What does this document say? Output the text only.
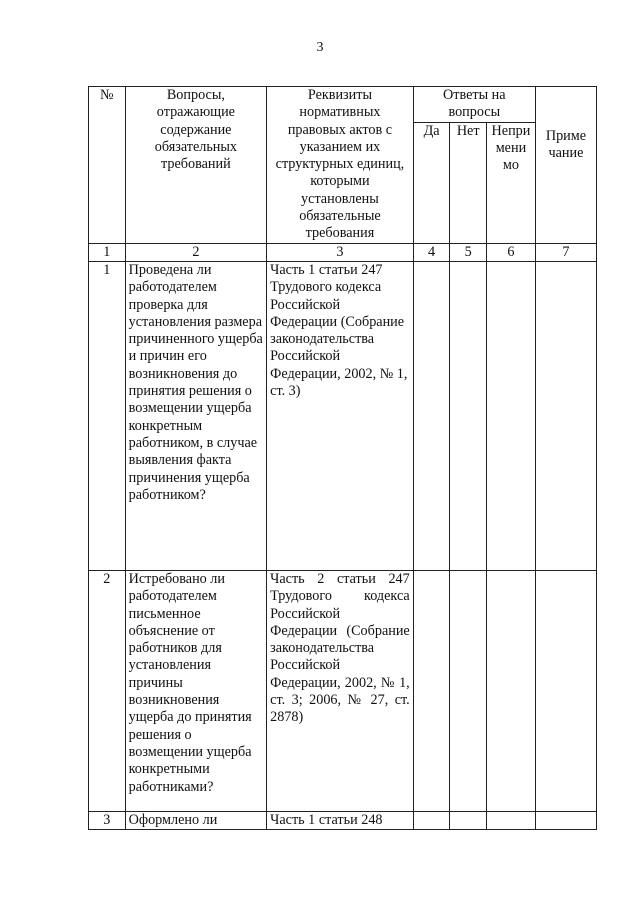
3
№	Вопросы, отражающие содержание обязательных требований	Реквизиты нормативных правовых актов с указанием их структурных единиц, которыми установлены обязательные требования	Ответы на вопросы			Приме чание
			Да	Нет	Непри мени мо	
1	2	3	4	5	6	7
1	Проведена ли работодателем проверка для установления размера причиненного ущерба и причин его возникновения до принятия решения о возмещении ущерба конкретным работником, в случае выявления факта причинения ущерба работником?	Часть 1 статьи 247 Трудового кодекса Российской Федерации (Собрание законодательства Российской Федерации, 2002, № 1, ст. 3)				
2	Истребовано ли работодателем письменное объяснение от работников для установления причины возникновения ущерба до принятия решения о возмещении ущерба конкретными работниками?	Часть 2 статьи 247 Трудового кодекса Российской Федерации (Собрание законодательства Российской Федерации, 2002, № 1, ст. 3; 2006, № 27, ст. 2878)				
3	Оформлено ли	Часть 1 статьи 248				
